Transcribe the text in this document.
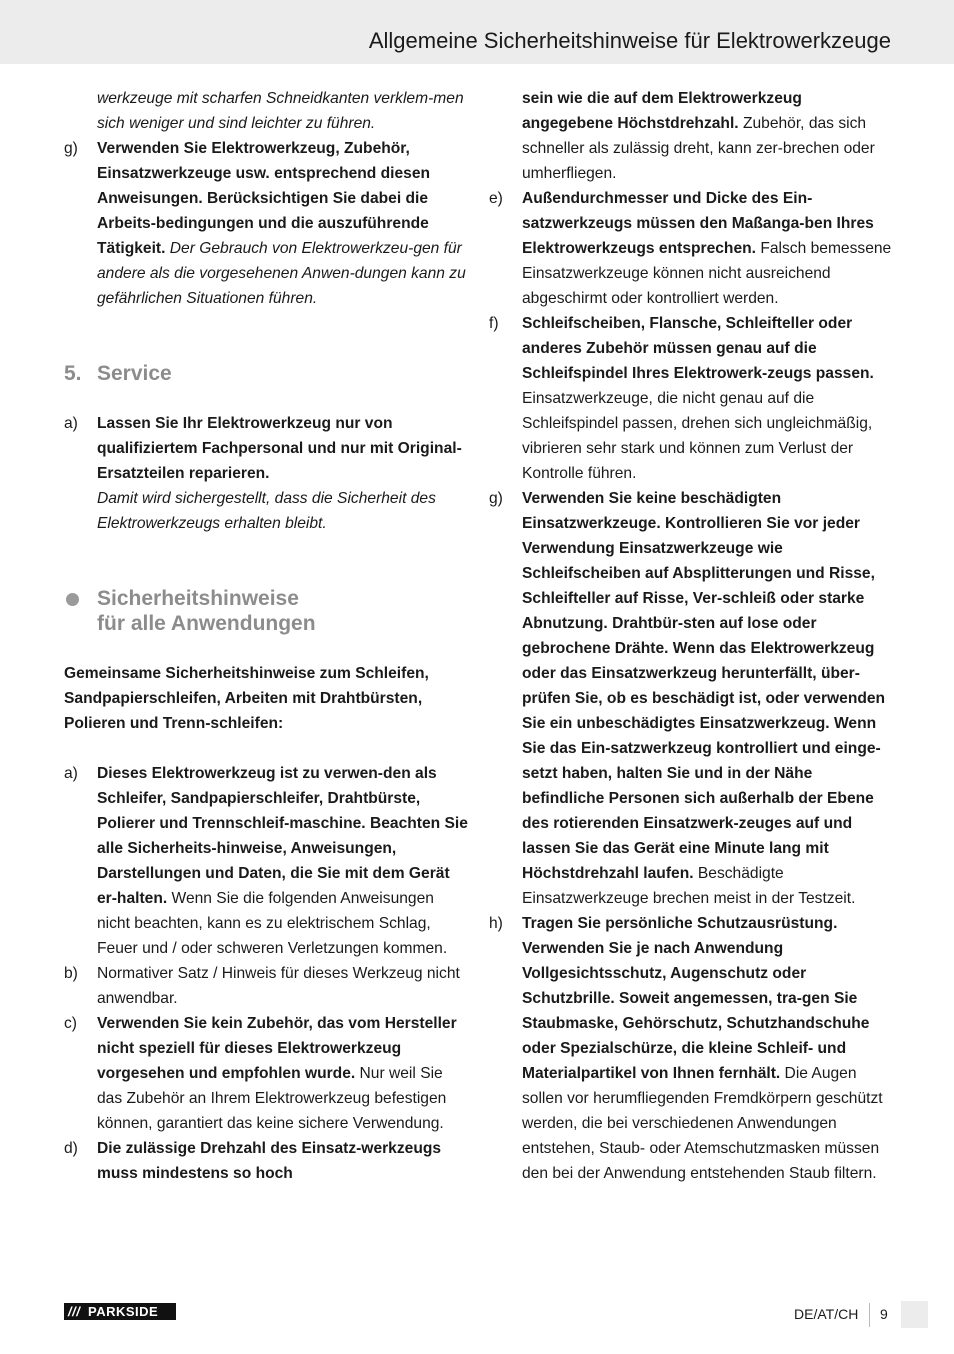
Allgemeine Sicherheitshinweise für Elektrowerkzeuge

werkzeuge mit scharfen Schneidkanten verklem-men sich weniger und sind leichter zu führen.

g) Verwenden Sie Elektrowerkzeug, Zubehör, Einsatzwerkzeuge usw. entsprechend diesen Anweisungen. Berücksichtigen Sie dabei die Arbeits-bedingungen und die auszuführende Tätigkeit. Der Gebrauch von Elektrowerkzeu-gen für andere als die vorgesehenen Anwen-dungen kann zu gefährlichen Situationen führen.
5. Service
a) Lassen Sie Ihr Elektrowerkzeug nur von qualifiziertem Fachpersonal und nur mit Original-Ersatzteilen reparieren.
Damit wird sichergestellt, dass die Sicherheit des Elektrowerkzeugs erhalten bleibt.
Sicherheitshinweise
für alle Anwendungen

Gemeinsame Sicherheitshinweise zum Schleifen, Sandpapierschleifen, Arbeiten mit Drahtbürsten, Polieren und Trenn-schleifen:

a) Dieses Elektrowerkzeug ist zu verwen-den als Schleifer, Sandpapierschleifer, Drahtbürste, Polierer und Trennschleif-maschine. Beachten Sie alle Sicherheits-hinweise, Anweisungen, Darstellungen und Daten, die Sie mit dem Gerät er-halten. Wenn Sie die folgenden Anweisungen nicht beachten, kann es zu elektrischem Schlag, Feuer und / oder schweren Verletzungen kommen.
b) Normativer Satz / Hinweis für dieses Werkzeug nicht anwendbar.
c) Verwenden Sie kein Zubehör, das vom Hersteller nicht speziell für dieses Elektrowerkzeug vorgesehen und empfohlen wurde. Nur weil Sie das Zubehör an Ihrem Elektrowerkzeug befestigen können, garantiert das keine sichere Verwendung.
d) Die zulässige Drehzahl des Einsatz-werkzeugs muss mindestens so hoch

sein wie die auf dem Elektrowerkzeug angegebene Höchstdrehzahl. Zubehör, das sich schneller als zulässig dreht, kann zer-brechen oder umherfliegen.

e) Außendurchmesser und Dicke des Ein-satzwerkzeugs müssen den Maßanga-ben Ihres Elektrowerkzeugs entsprechen. Falsch bemessene Einsatzwerkzeuge können nicht ausreichend abgeschirmt oder kontrolliert werden.
f) Schleifscheiben, Flansche, Schleifteller oder anderes Zubehör müssen genau auf die Schleifspindel Ihres Elektrowerk-zeugs passen. Einsatzwerkzeuge, die nicht genau auf die Schleifspindel passen, drehen sich ungleichmäßig, vibrieren sehr stark und können zum Verlust der Kontrolle führen.
g) Verwenden Sie keine beschädigten Einsatzwerkzeuge. Kontrollieren Sie vor jeder Verwendung Einsatzwerkzeuge wie Schleifscheiben auf Absplitterungen und Risse, Schleifteller auf Risse, Ver-schleiß oder starke Abnutzung. Drahtbür-sten auf lose oder gebrochene Drähte. Wenn das Elektrowerkzeug oder das Einsatzwerkzeug herunterfällt, über-prüfen Sie, ob es beschädigt ist, oder verwenden Sie ein unbeschädigtes Einsatzwerkzeug. Wenn Sie das Ein-satzwerkzeug kontrolliert und einge-setzt haben, halten Sie und in der Nähe befindliche Personen sich außerhalb der Ebene des rotierenden Einsatzwerk-zeuges auf und lassen Sie das Gerät eine Minute lang mit Höchstdrehzahl laufen. Beschädigte Einsatzwerkzeuge brechen meist in der Testzeit.
h) Tragen Sie persönliche Schutzausrüstung. Verwenden Sie je nach Anwendung Vollgesichtsschutz, Augenschutz oder Schutzbrille. Soweit angemessen, tra-gen Sie Staubmaske, Gehörschutz, Schutzhandschuhe oder Spezialschürze, die kleine Schleif- und Materialpartikel von Ihnen fernhält. Die Augen sollen vor herumfliegenden Fremdkörpern geschützt werden, die bei verschiedenen Anwendungen entstehen, Staub- oder Atemschutzmasken müssen den bei der Anwendung entstehenden Staub filtern.
/// PARKSIDE	DE/AT/CH 9
